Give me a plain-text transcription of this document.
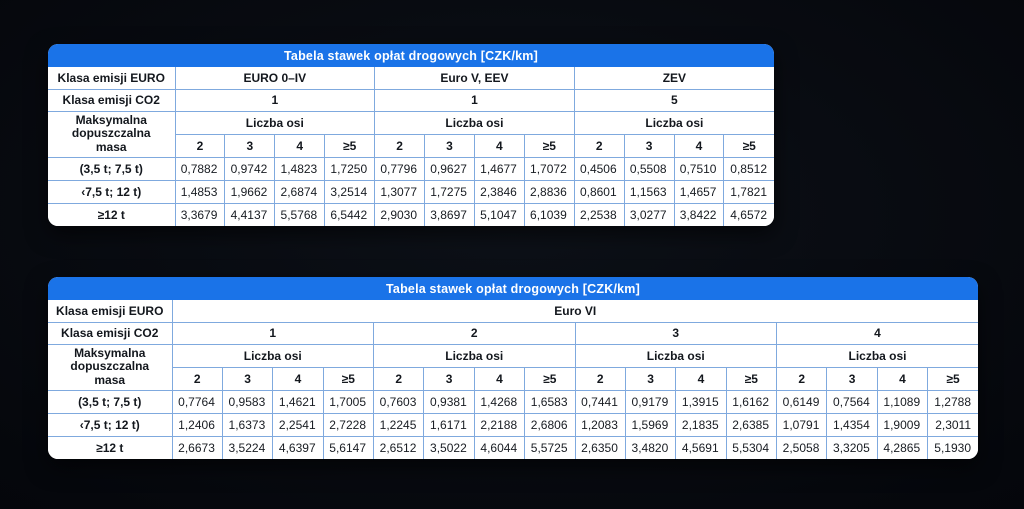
Tabela stawek opłat drogowych [CZK/km]
Klasa emisji EURO	EURO 0–IV				Euro V, EEV				ZEV			
Klasa emisji CO2	1				1				5			
Maksymalna dopuszczalna masa	Liczba osi				Liczba osi				Liczba osi			
	2	3	4	≥5	2	3	4	≥5	2	3	4	≥5
(3,5 t; 7,5 t)	0,7882	0,9742	1,4823	1,7250	0,7796	0,9627	1,4677	1,7072	0,4506	0,5508	0,7510	0,8512
‹7,5 t; 12 t)	1,4853	1,9662	2,6874	3,2514	1,3077	1,7275	2,3846	2,8836	0,8601	1,1563	1,4657	1,7821
≥12 t	3,3679	4,4137	5,5768	6,5442	2,9030	3,8697	5,1047	6,1039	2,2538	3,0277	3,8422	4,6572
Tabela stawek opłat drogowych [CZK/km]
Klasa emisji EURO	Euro VI															
Klasa emisji CO2	1				2				3				4			
Maksymalna dopuszczalna masa	Liczba osi				Liczba osi				Liczba osi				Liczba osi			
	2	3	4	≥5	2	3	4	≥5	2	3	4	≥5	2	3	4	≥5
(3,5 t; 7,5 t)	0,7764	0,9583	1,4621	1,7005	0,7603	0,9381	1,4268	1,6583	0,7441	0,9179	1,3915	1,6162	0,6149	0,7564	1,1089	1,2788
‹7,5 t; 12 t)	1,2406	1,6373	2,2541	2,7228	1,2245	1,6171	2,2188	2,6806	1,2083	1,5969	2,1835	2,6385	1,0791	1,4354	1,9009	2,3011
≥12 t	2,6673	3,5224	4,6397	5,6147	2,6512	3,5022	4,6044	5,5725	2,6350	3,4820	4,5691	5,5304	2,5058	3,3205	4,2865	5,1930
